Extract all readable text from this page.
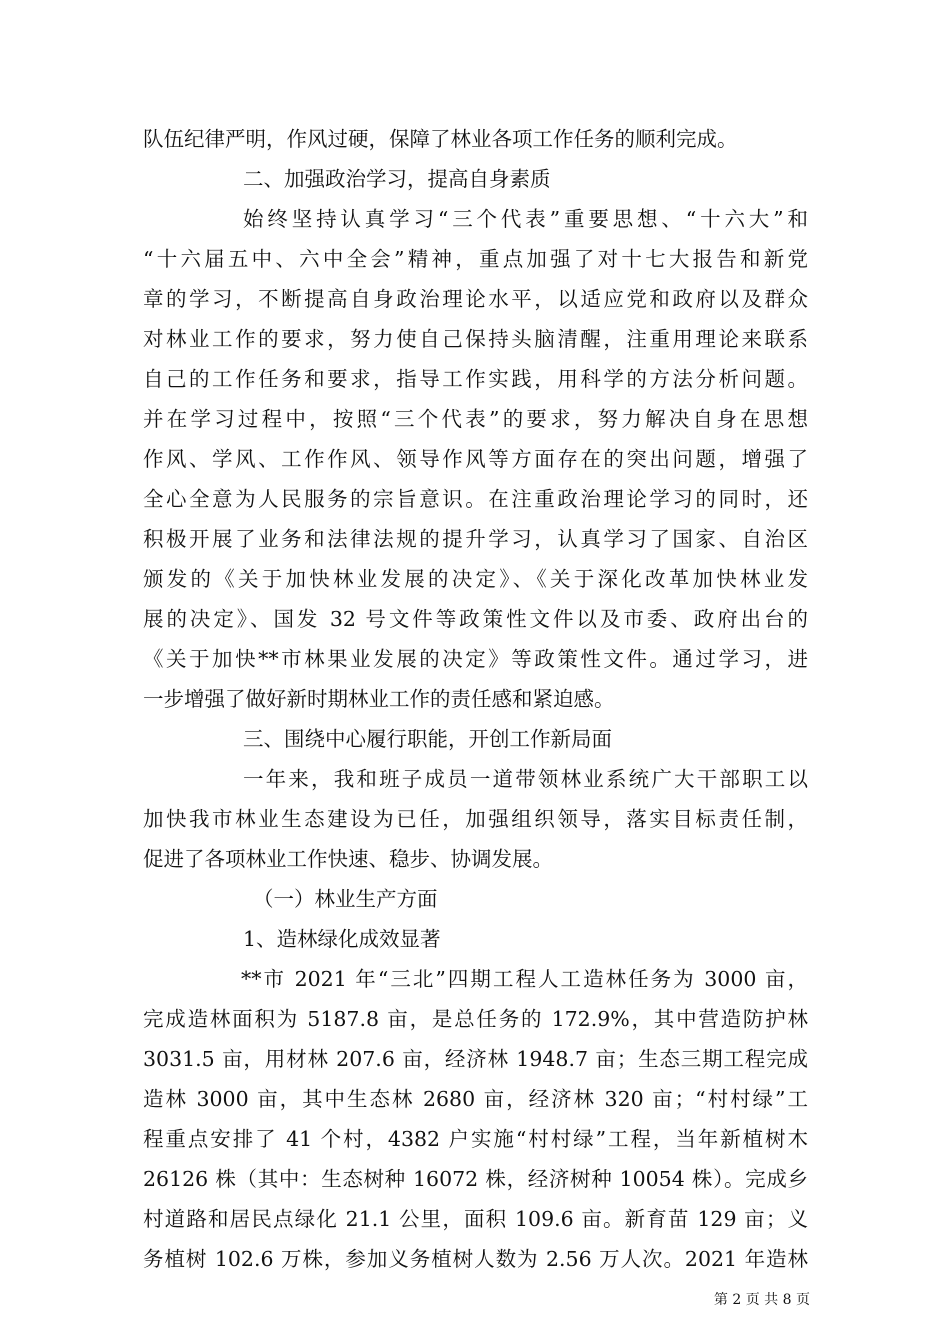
队伍纪律严明，作风过硬，保障了林业各项工作任务的顺利完成。
二、加强政治学习，提高自身素质
始终坚持认真学习“三个代表”重要思想、“十六大”和
“十六届五中、六中全会”精神，重点加强了对十七大报告和新党
章的学习，不断提高自身政治理论水平，以适应党和政府以及群众
对林业工作的要求，努力使自己保持头脑清醒，注重用理论来联系
自己的工作任务和要求，指导工作实践，用科学的方法分析问题。
并在学习过程中，按照“三个代表”的要求，努力解决自身在思想
作风、学风、工作作风、领导作风等方面存在的突出问题，增强了
全心全意为人民服务的宗旨意识。在注重政治理论学习的同时，还
积极开展了业务和法律法规的提升学习，认真学习了国家、自治区
颁发的《关于加快林业发展的决定》、《关于深化改革加快林业发
展的决定》、国发 32 号文件等政策性文件以及市委、政府出台的
《关于加快**市林果业发展的决定》等政策性文件。通过学习，进
一步增强了做好新时期林业工作的责任感和紧迫感。
三、围绕中心履行职能，开创工作新局面
一年来，我和班子成员一道带领林业系统广大干部职工以
加快我市林业生态建设为已任，加强组织领导，落实目标责任制，
促进了各项林业工作快速、稳步、协调发展。
（一）林业生产方面
1、造林绿化成效显著
**市 2021 年“三北”四期工程人工造林任务为 3000 亩，
完成造林面积为 5187.8 亩，是总任务的 172.9%，其中营造防护林
3031.5 亩，用材林 207.6 亩，经济林 1948.7 亩；生态三期工程完成
造林 3000 亩，其中生态林 2680 亩，经济林 320 亩；“村村绿”工
程重点安排了 41 个村，4382 户实施“村村绿”工程，当年新植树木
26126 株（其中：生态树种 16072 株，经济树种 10054 株）。完成乡
村道路和居民点绿化 21.1 公里，面积 109.6 亩。新育苗 129 亩；义
务植树 102.6 万株，参加义务植树人数为 2.56 万人次。2021 年造林
第 2 页 共 8 页
